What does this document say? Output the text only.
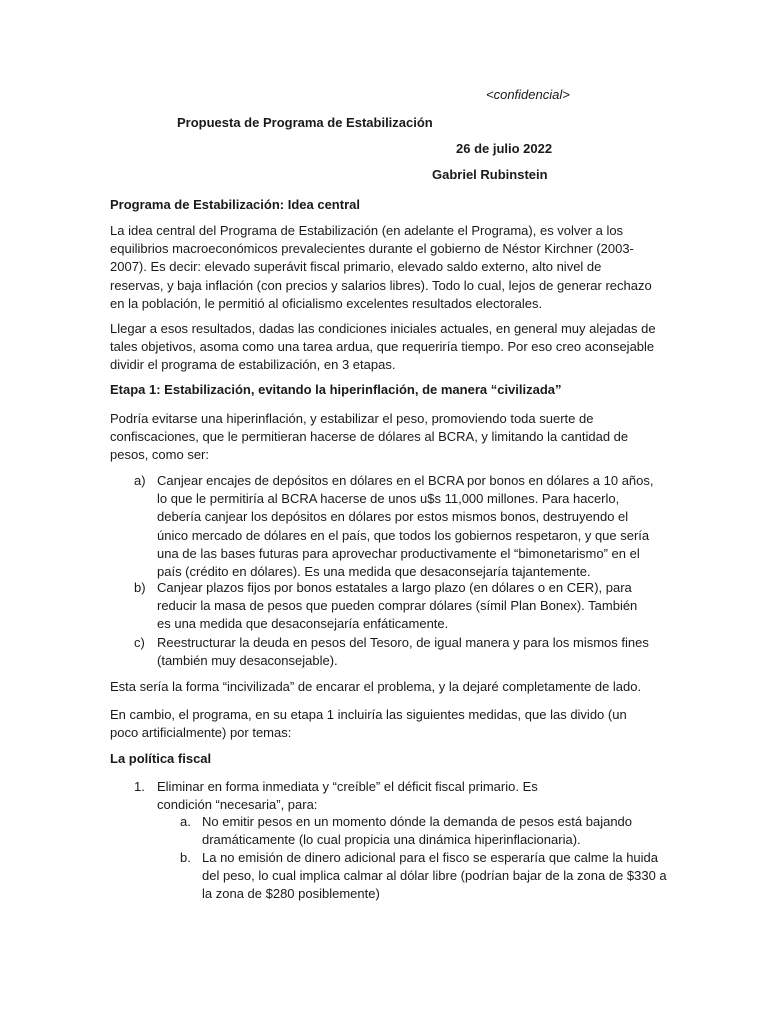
<confidencial>

Propuesta de Programa de Estabilización

26 de julio 2022

Gabriel Rubinstein

Programa de Estabilización: Idea central

La idea central del Programa de Estabilización (en adelante el Programa), es volver a los equilibrios macroeconómicos prevalecientes durante el gobierno de Néstor Kirchner (2003-2007). Es decir: elevado superávit fiscal primario, elevado saldo externo, alto nivel de reservas, y baja inflación (con precios y salarios libres). Todo lo cual, lejos de generar rechazo en la población, le permitió al oficialismo excelentes resultados electorales.

Llegar a esos resultados, dadas las condiciones iniciales actuales, en general muy alejadas de tales objetivos, asoma como una tarea ardua, que requeriría tiempo. Por eso creo aconsejable dividir el programa de estabilización, en 3 etapas.

Etapa 1: Estabilización, evitando la hiperinflación, de manera “civilizada”

Podría evitarse una hiperinflación, y estabilizar el peso, promoviendo toda suerte de confiscaciones, que le permitieran hacerse de dólares al BCRA, y limitando la cantidad de pesos, como ser:

a) Canjear encajes de depósitos en dólares en el BCRA por bonos en dólares a 10 años, lo que le permitiría al BCRA hacerse de unos u$s 11,000 millones. Para hacerlo, debería canjear los depósitos en dólares por estos mismos bonos, destruyendo el único mercado de dólares en el país, que todos los gobiernos respetaron, y que sería una de las bases futuras para aprovechar productivamente el “bimonetarismo” en el país (crédito en dólares). Es una medida que desaconsejaría tajantemente.
b) Canjear plazos fijos por bonos estatales a largo plazo (en dólares o en CER), para reducir la masa de pesos que pueden comprar dólares (símil Plan Bonex). También es una medida que desaconsejaría enfáticamente.
c) Reestructurar la deuda en pesos del Tesoro, de igual manera y para los mismos fines (también muy desaconsejable).

Esta sería la forma “incivilizada” de encarar el problema, y la dejaré completamente de lado.

En cambio, el programa, en su etapa 1 incluiría las siguientes medidas, que las divido (un poco artificialmente) por temas:

La política fiscal

1. Eliminar en forma inmediata y “creíble” el déficit fiscal primario. Es condición “necesaria”, para:
a. No emitir pesos en un momento dónde la demanda de pesos está bajando dramáticamente (lo cual propicia una dinámica hiperinflacionaria).
b. La no emisión de dinero adicional para el fisco se esperaría que calme la huida del peso, lo cual implica calmar al dólar libre (podrían bajar de la zona de $330 a la zona de $280 posiblemente)
